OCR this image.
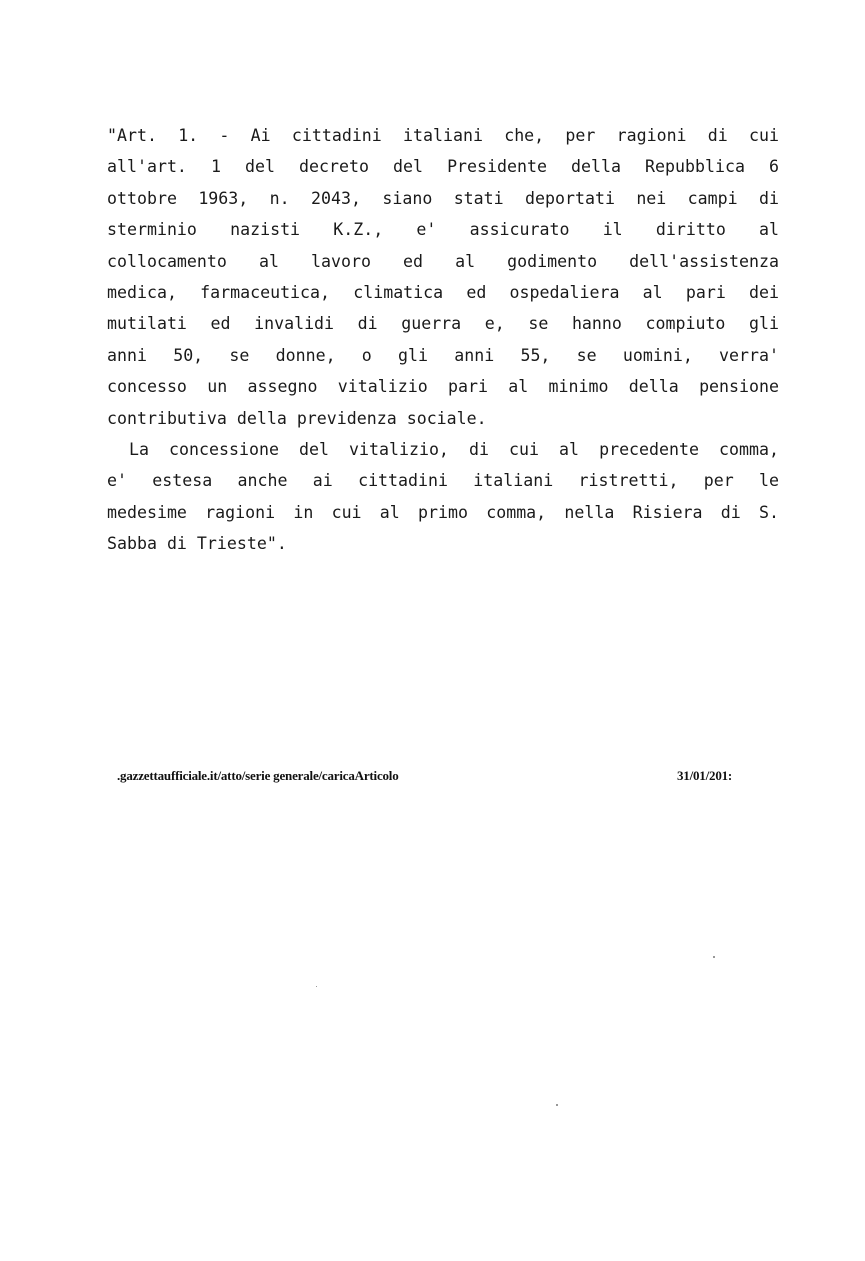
"Art. 1. - Ai cittadini italiani che, per ragioni di cui
all'art. 1 del decreto del Presidente della Repubblica 6
ottobre 1963, n. 2043, siano stati deportati nei campi di
sterminio nazisti K.Z., e' assicurato il diritto al
collocamento al lavoro ed al godimento dell'assistenza
medica, farmaceutica, climatica ed ospedaliera al pari dei
mutilati ed invalidi di guerra e, se hanno compiuto gli
anni 50, se donne, o gli anni 55, se uomini, verra'
concesso un assegno vitalizio pari al minimo della pensione
contributiva della previdenza sociale.
La concessione del vitalizio, di cui al precedente comma,
e' estesa anche ai cittadini italiani ristretti, per le
medesime ragioni in cui al primo comma, nella Risiera di S.
Sabba di Trieste".
.gazzettaufficiale.it/atto/serie generale/caricaArticolo	31/01/201:
